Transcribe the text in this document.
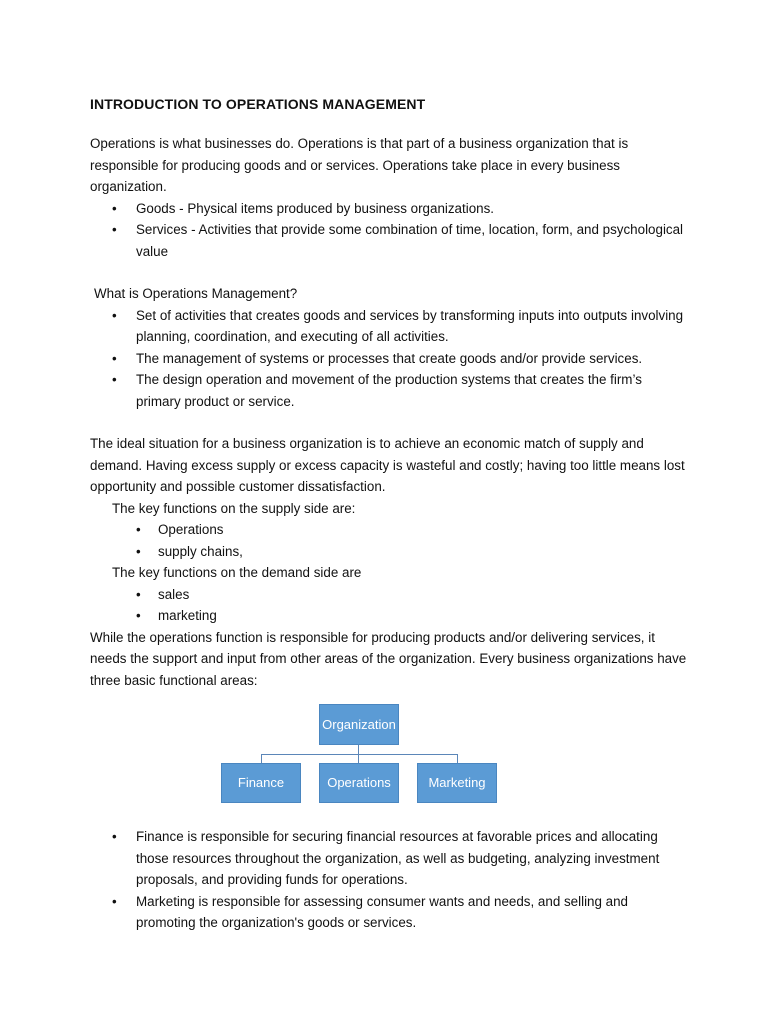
INTRODUCTION TO OPERATIONS MANAGEMENT

Operations is what businesses do. Operations is that part of a business organization that is responsible for producing goods and or services. Operations take place in every business organization.

• Goods - Physical items produced by business organizations.
• Services - Activities that provide some combination of time, location, form, and psychological value

What is Operations Management?

• Set of activities that creates goods and services by transforming inputs into outputs involving planning, coordination, and executing of all activities.
• The management of systems or processes that create goods and/or provide services.
• The design operation and movement of the production systems that creates the firm’s primary product or service.

The ideal situation for a business organization is to achieve an economic match of supply and demand. Having excess supply or excess capacity is wasteful and costly; having too little means lost opportunity and possible customer dissatisfaction.

The key functions on the supply side are:

• Operations
• supply chains,

The key functions on the demand side are

• sales
• marketing

While the operations function is responsible for producing products and/or delivering services, it needs the support and input from other areas of the organization. Every business organizations have three basic functional areas:

Organization
Finance	Operations	Marketing
• Finance is responsible for securing financial resources at favorable prices and allocating those resources throughout the organization, as well as budgeting, analyzing investment proposals, and providing funds for operations.
• Marketing is responsible for assessing consumer wants and needs, and selling and promoting the organization's goods or services.
